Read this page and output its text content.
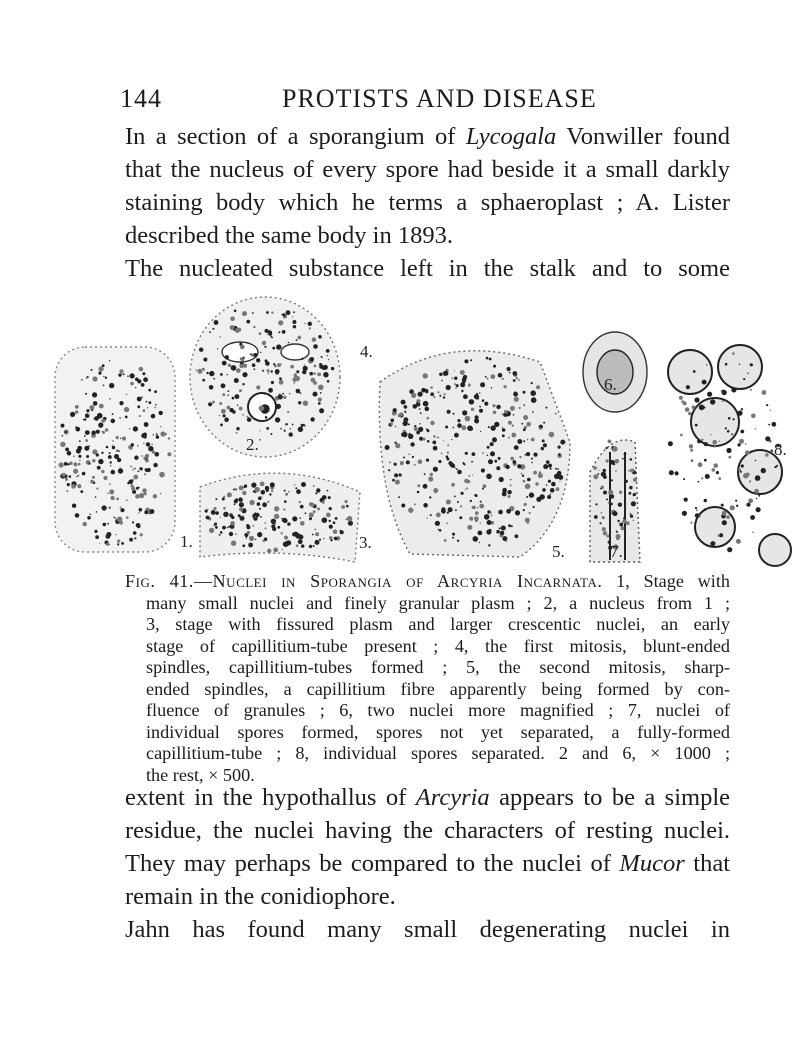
144	PROTISTS AND DISEASE
In a section of a sporangium of Lycogala Vonwiller found
that the nucleus of every spore had beside it a small darkly
staining body which he terms a sphaeroplast ; A. Lister
described the same body in 1893.
The nucleated substance left in the stalk and to some
1.
2.
3.
4.
5.
6.
7.
8.
Fig. 41.—Nuclei in Sporangia of Arcyria Incarnata. 1, Stage with
many small nuclei and finely granular plasm ; 2, a nucleus from 1 ;
3, stage with fissured plasm and larger crescentic nuclei, an early
stage of capillitium-tube present ; 4, the first mitosis, blunt-ended
spindles, capillitium-tubes formed ; 5, the second mitosis, sharp-
ended spindles, a capillitium fibre apparently being formed by con-
fluence of granules ; 6, two nuclei more magnified ; 7, nuclei of
individual spores formed, spores not yet separated, a fully-formed
capillitium-tube ; 8, individual spores separated. 2 and 6, × 1000 ;
the rest, × 500.
extent in the hypothallus of Arcyria appears to be a simple
residue, the nuclei having the characters of resting nuclei.
They may perhaps be compared to the nuclei of Mucor that
remain in the conidiophore.
Jahn has found many small degenerating nuclei in
